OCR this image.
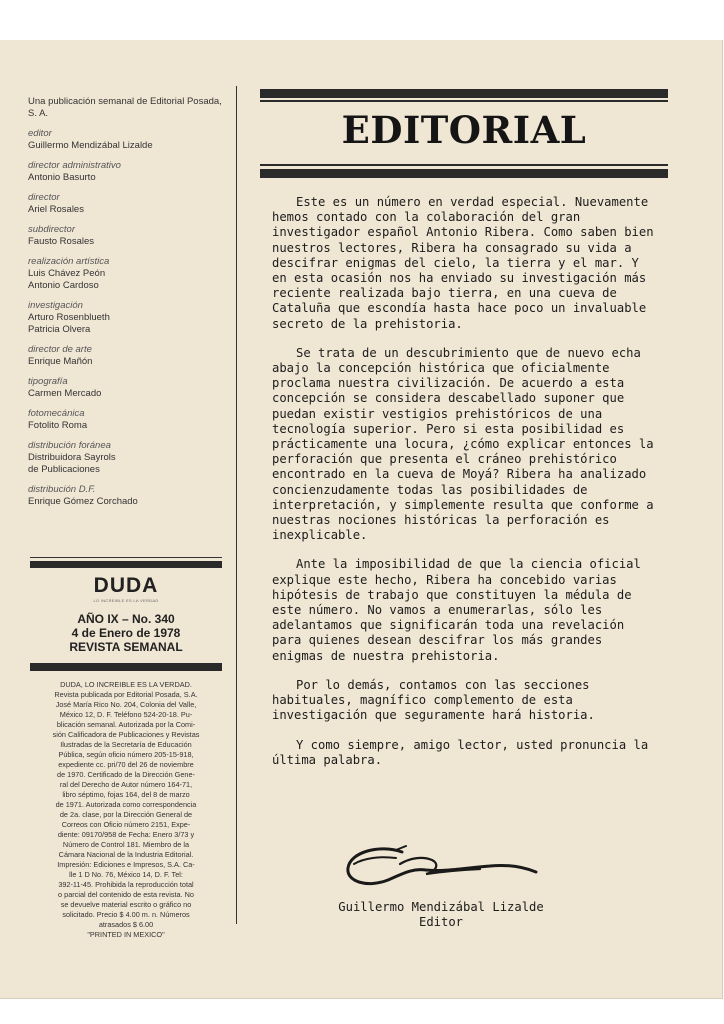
Una publicación semanal de Editorial Posada, S. A.
editor
Guillermo Mendizábal Lizalde
director administrativo
Antonio Basurto
director
Ariel Rosales
subdirector
Fausto Rosales
realización artística
Luis Chávez Peón
Antonio Cardoso
investigación
Arturo Rosenblueth
Patricia Olvera
director de arte
Enrique Mañón
tipografía
Carmen Mercado
fotomecánica
Fotolito Roma
distribución foránea
Distribuidora Sayrols
de Publicaciones
distribución D.F.
Enrique Gómez Corchado
DUDA
LO INCREIBLE ES LA VERDAD
AÑO IX – No. 340
4 de Enero de 1978
REVISTA SEMANAL
DUDA, LO INCREIBLE ES LA VERDAD.
Revista publicada por Editorial Posada, S.A.
José María Rico No. 204, Colonia del Valle,
México 12, D. F. Teléfono 524-20-18. Pu-
blicación semanal. Autorizada por la Comi-
sión Calificadora de Publicaciones y Revistas
Ilustradas de la Secretaría de Educación
Pública, según oficio número 205-15-918,
expediente cc. pri/70 del 26 de noviembre
de 1970. Certificado de la Dirección Gene-
ral del Derecho de Autor número 164-71,
libro séptimo, fojas 164, del 8 de marzo
de 1971. Autorizada como correspondencia
de 2a. clase, por la Dirección General de
Correos con Oficio número 2151, Expe-
diente: 09170/958 de Fecha: Enero 3/73 y
Número de Control 181. Miembro de la
Cámara Nacional de la Industria Editorial.
Impresión: Ediciones e Impresos, S.A. Ca-
lle 1 D No. 76, México 14, D. F. Tel:
392-11-45. Prohibida la reproducción total
o parcial del contenido de esta revista. No
se devuelve material escrito o gráfico no
solicitado. Precio $ 4.00 m. n. Números
atrasados $ 6.00
"PRINTED IN MEXICO"
EDITORIAL

Este es un número en verdad especial. Nuevamente hemos contado con la colaboración del gran investigador español Antonio Ribera. Como saben bien nuestros lectores, Ribera ha consagrado su vida a descifrar enigmas del cielo, la tierra y el mar. Y en esta ocasión nos ha enviado su investigación más reciente realizada bajo tierra, en una cueva de Cataluña que escondía hasta hace poco un invaluable secreto de la prehistoria.

Se trata de un descubrimiento que de nuevo echa abajo la concepción histórica que oficialmente proclama nuestra civilización. De acuerdo a esta concepción se considera descabellado suponer que puedan existir vestigios prehistóricos de una tecnología superior. Pero si esta posibilidad es prácticamente una locura, ¿cómo explicar entonces la perforación que presenta el cráneo prehistórico encontrado en la cueva de Moyá? Ribera ha analizado concienzudamente todas las posibilidades de interpretación, y simplemente resulta que conforme a nuestras nociones históricas la perforación es inexplicable.

Ante la imposibilidad de que la ciencia oficial explique este hecho, Ribera ha concebido varias hipótesis de trabajo que constituyen la médula de este número. No vamos a enumerarlas, sólo les adelantamos que significarán toda una revelación para quienes desean descifrar los más grandes enigmas de nuestra prehistoria.

Por lo demás, contamos con las secciones habituales, magnífico complemento de esta investigación que seguramente hará historia.

Y como siempre, amigo lector, usted pronuncia la última palabra.

Guillermo Mendizábal Lizalde
Editor
